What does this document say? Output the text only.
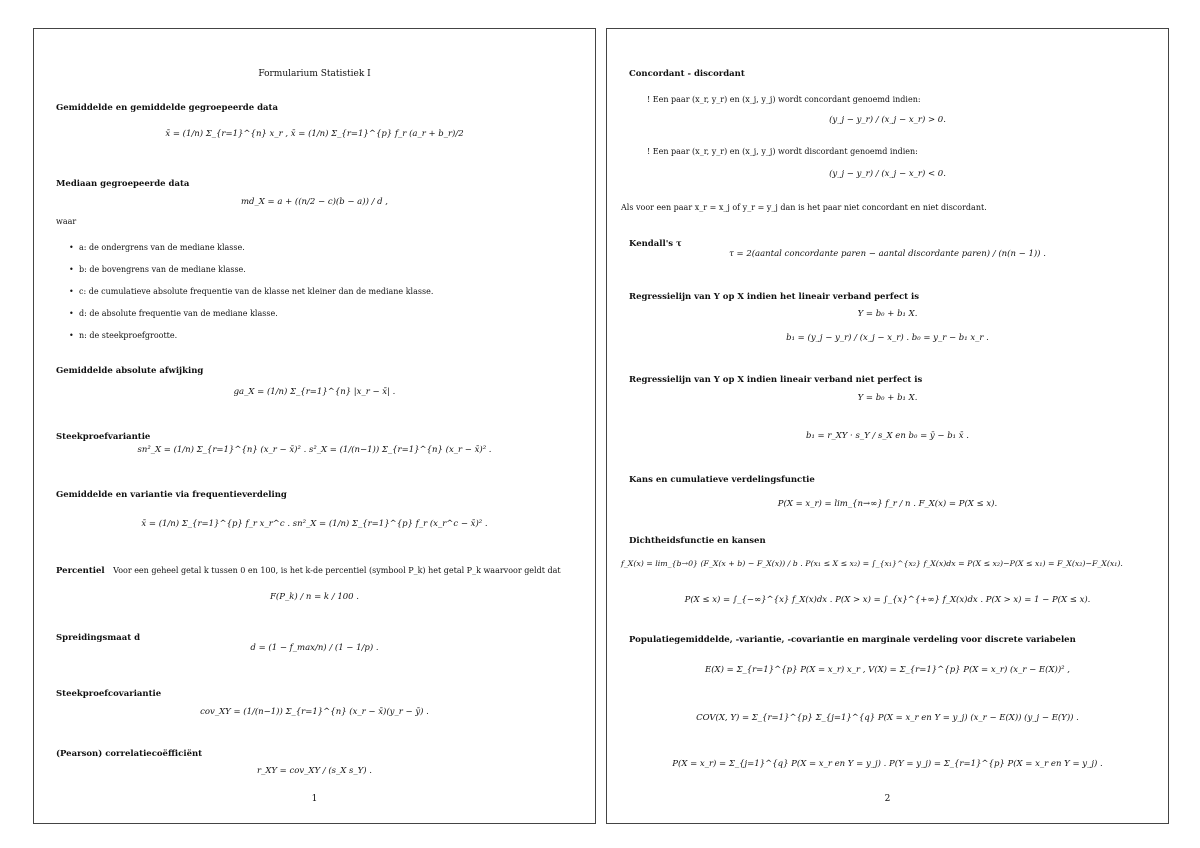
Formularium Statistiek I
Gemiddelde en gemiddelde gegroepeerde data
x̄ = (1/n) Σ_{r=1}^{n} x_r , x̄ = (1/n) Σ_{r=1}^{p} f_r (a_r + b_r)/2
Mediaan gegroepeerde data
md_X = a + ((n/2 − c)(b − a)) / d ,
waar
• a: de ondergrens van de mediane klasse.
• b: de bovengrens van de mediane klasse.
• c: de cumulatieve absolute frequentie van de klasse net kleiner dan de mediane klasse.
• d: de absolute frequentie van de mediane klasse.
• n: de steekproefgrootte.
Gemiddelde absolute afwijking
ga_X = (1/n) Σ_{r=1}^{n} |x_r − x̄| .
Steekproefvariantie
sn²_X = (1/n) Σ_{r=1}^{n} (x_r − x̄)² . s²_X = (1/(n−1)) Σ_{r=1}^{n} (x_r − x̄)² .
Gemiddelde en variantie via frequentieverdeling
x̄ = (1/n) Σ_{r=1}^{p} f_r x_r^c . sn²_X = (1/n) Σ_{r=1}^{p} f_r (x_r^c − x̄)² .
Percentiel Voor een geheel getal k tussen 0 en 100, is het k-de percentiel (symbool P_k) het getal P_k waarvoor geldt dat
F(P_k) / n = k / 100 .
Spreidingsmaat d
d = (1 − f_max/n) / (1 − 1/p) .
Steekproefcovariantie
cov_XY = (1/(n−1)) Σ_{r=1}^{n} (x_r − x̄)(y_r − ȳ) .
(Pearson) correlatiecoëfficiënt
r_XY = cov_XY / (s_X s_Y) .
1
Concordant - discordant
! Een paar (x_r, y_r) en (x_j, y_j) wordt concordant genoemd indien:
(y_j − y_r) / (x_j − x_r) > 0.
! Een paar (x_r, y_r) en (x_j, y_j) wordt discordant genoemd indien:
(y_j − y_r) / (x_j − x_r) < 0.
Als voor een paar x_r = x_j of y_r = y_j dan is het paar niet concordant en niet discordant.
Kendall's τ
τ = 2(aantal concordante paren − aantal discordante paren) / (n(n − 1)) .
Regressielijn van Y op X indien het lineair verband perfect is
Y = b₀ + b₁ X.
b₁ = (y_j − y_r) / (x_j − x_r) . b₀ = y_r − b₁ x_r .
Regressielijn van Y op X indien lineair verband niet perfect is
Y = b₀ + b₁ X.
b₁ = r_XY · s_Y / s_X en b₀ = ȳ − b₁ x̄ .
Kans en cumulatieve verdelingsfunctie
P(X = x_r) = lim_{n→∞} f_r / n . F_X(x) = P(X ≤ x).
Dichtheidsfunctie en kansen
f_X(x) = lim_{b→0} (F_X(x + b) − F_X(x)) / b . P(x₁ ≤ X ≤ x₂) = ∫_{x₁}^{x₂} f_X(x)dx = P(X ≤ x₂)−P(X ≤ x₁) = F_X(x₂)−F_X(x₁).
P(X ≤ x) = ∫_{−∞}^{x} f_X(x)dx . P(X > x) = ∫_{x}^{+∞} f_X(x)dx . P(X > x) = 1 − P(X ≤ x).
Populatiegemiddelde, -variantie, -covariantie en marginale verdeling voor discrete variabelen
E(X) = Σ_{r=1}^{p} P(X = x_r) x_r , V(X) = Σ_{r=1}^{p} P(X = x_r) (x_r − E(X))² ,
COV(X, Y) = Σ_{r=1}^{p} Σ_{j=1}^{q} P(X = x_r en Y = y_j) (x_r − E(X)) (y_j − E(Y)) .
P(X = x_r) = Σ_{j=1}^{q} P(X = x_r en Y = y_j) . P(Y = y_j) = Σ_{r=1}^{p} P(X = x_r en Y = y_j) .
2
